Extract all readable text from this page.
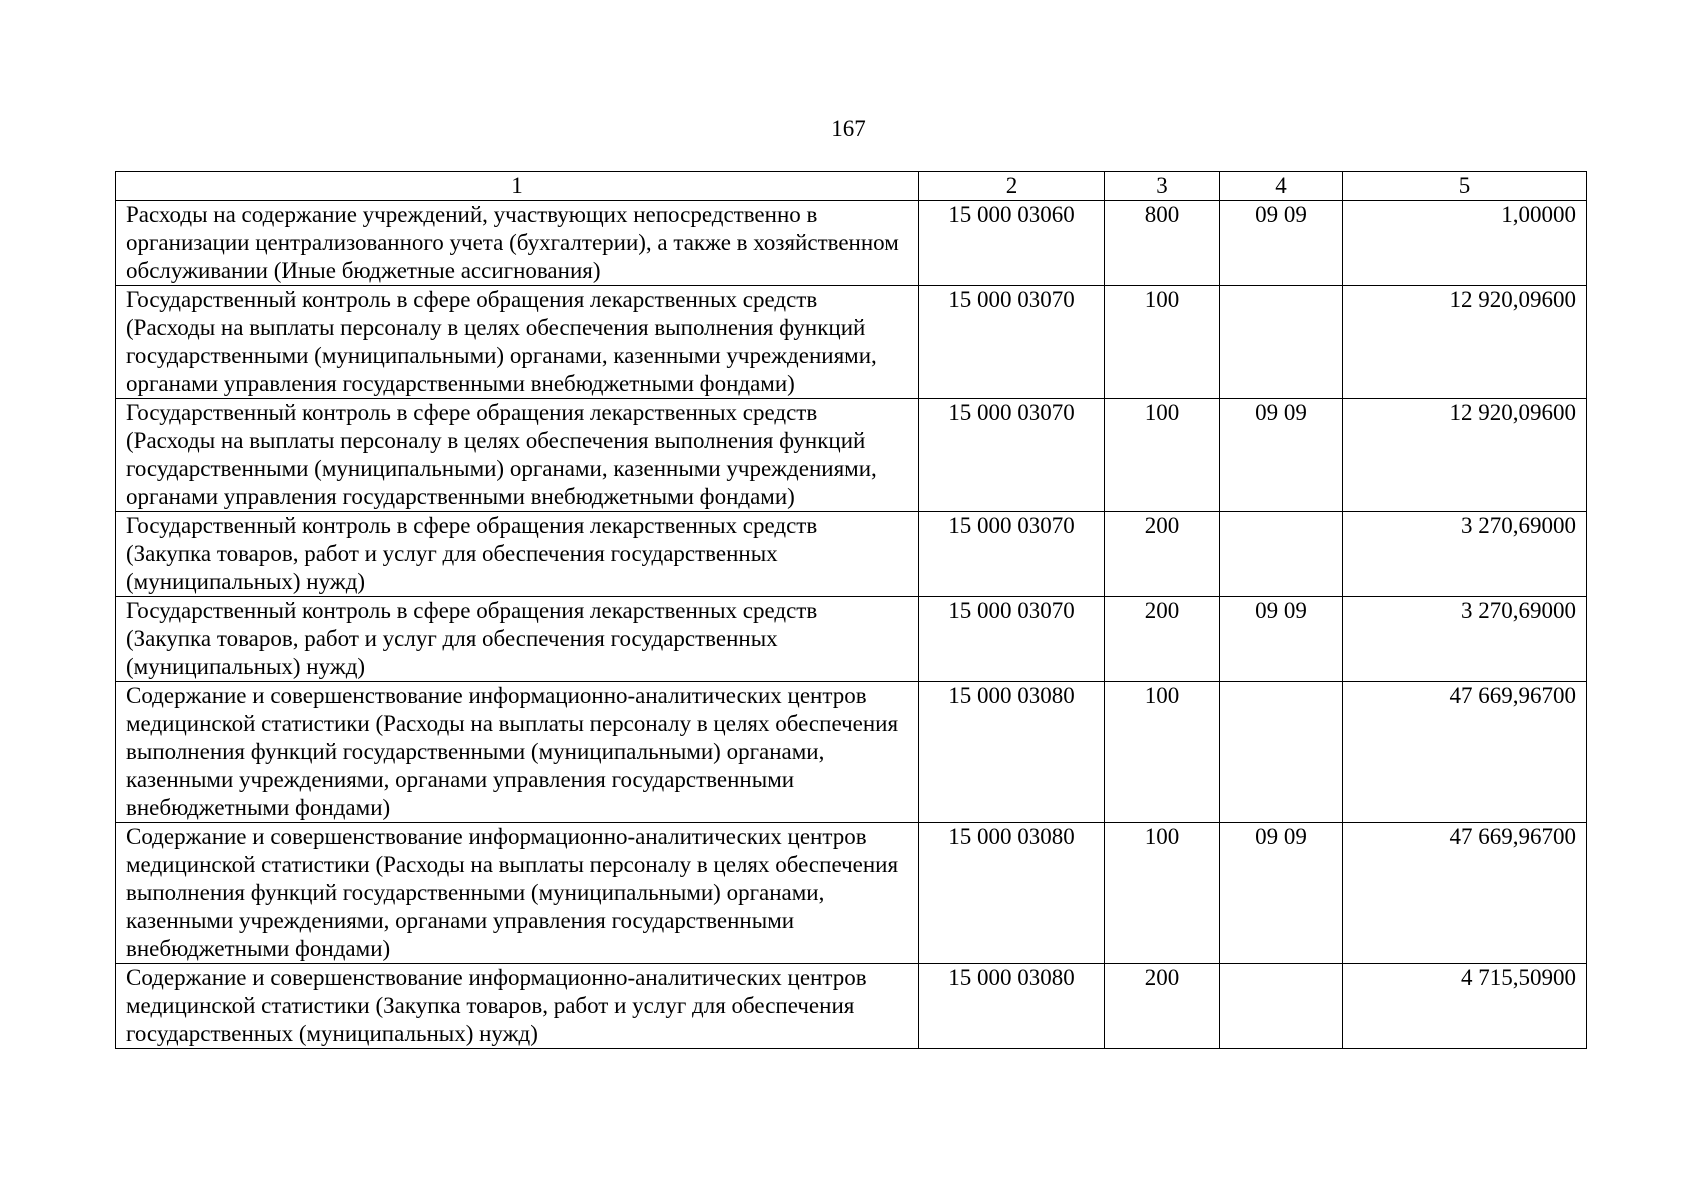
167
1	2	3	4	5
Расходы на содержание учреждений, участвующих непосредственно в организации централизованного учета (бухгалтерии), а также в хозяйственном обслуживании (Иные бюджетные ассигнования)	15 000 03060	800	09 09	1,00000
Государственный контроль в сфере обращения лекарственных средств (Расходы на выплаты персоналу в целях обеспечения выполнения функций государственными (муниципальными) органами, казенными учреждениями, органами управления государственными внебюджетными фондами)	15 000 03070	100		12 920,09600
Государственный контроль в сфере обращения лекарственных средств (Расходы на выплаты персоналу в целях обеспечения выполнения функций государственными (муниципальными) органами, казенными учреждениями, органами управления государственными внебюджетными фондами)	15 000 03070	100	09 09	12 920,09600
Государственный контроль в сфере обращения лекарственных средств (Закупка товаров, работ и услуг для обеспечения государственных (муниципальных) нужд)	15 000 03070	200		3 270,69000
Государственный контроль в сфере обращения лекарственных средств (Закупка товаров, работ и услуг для обеспечения государственных (муниципальных) нужд)	15 000 03070	200	09 09	3 270,69000
Содержание и совершенствование информационно-аналитических центров медицинской статистики (Расходы на выплаты персоналу в целях обеспечения выполнения функций государственными (муниципальными) органами, казенными учреждениями, органами управления государственными внебюджетными фондами)	15 000 03080	100		47 669,96700
Содержание и совершенствование информационно-аналитических центров медицинской статистики (Расходы на выплаты персоналу в целях обеспечения выполнения функций государственными (муниципальными) органами, казенными учреждениями, органами управления государственными внебюджетными фондами)	15 000 03080	100	09 09	47 669,96700
Содержание и совершенствование информационно-аналитических центров медицинской статистики (Закупка товаров, работ и услуг для обеспечения государственных (муниципальных) нужд)	15 000 03080	200		4 715,50900
